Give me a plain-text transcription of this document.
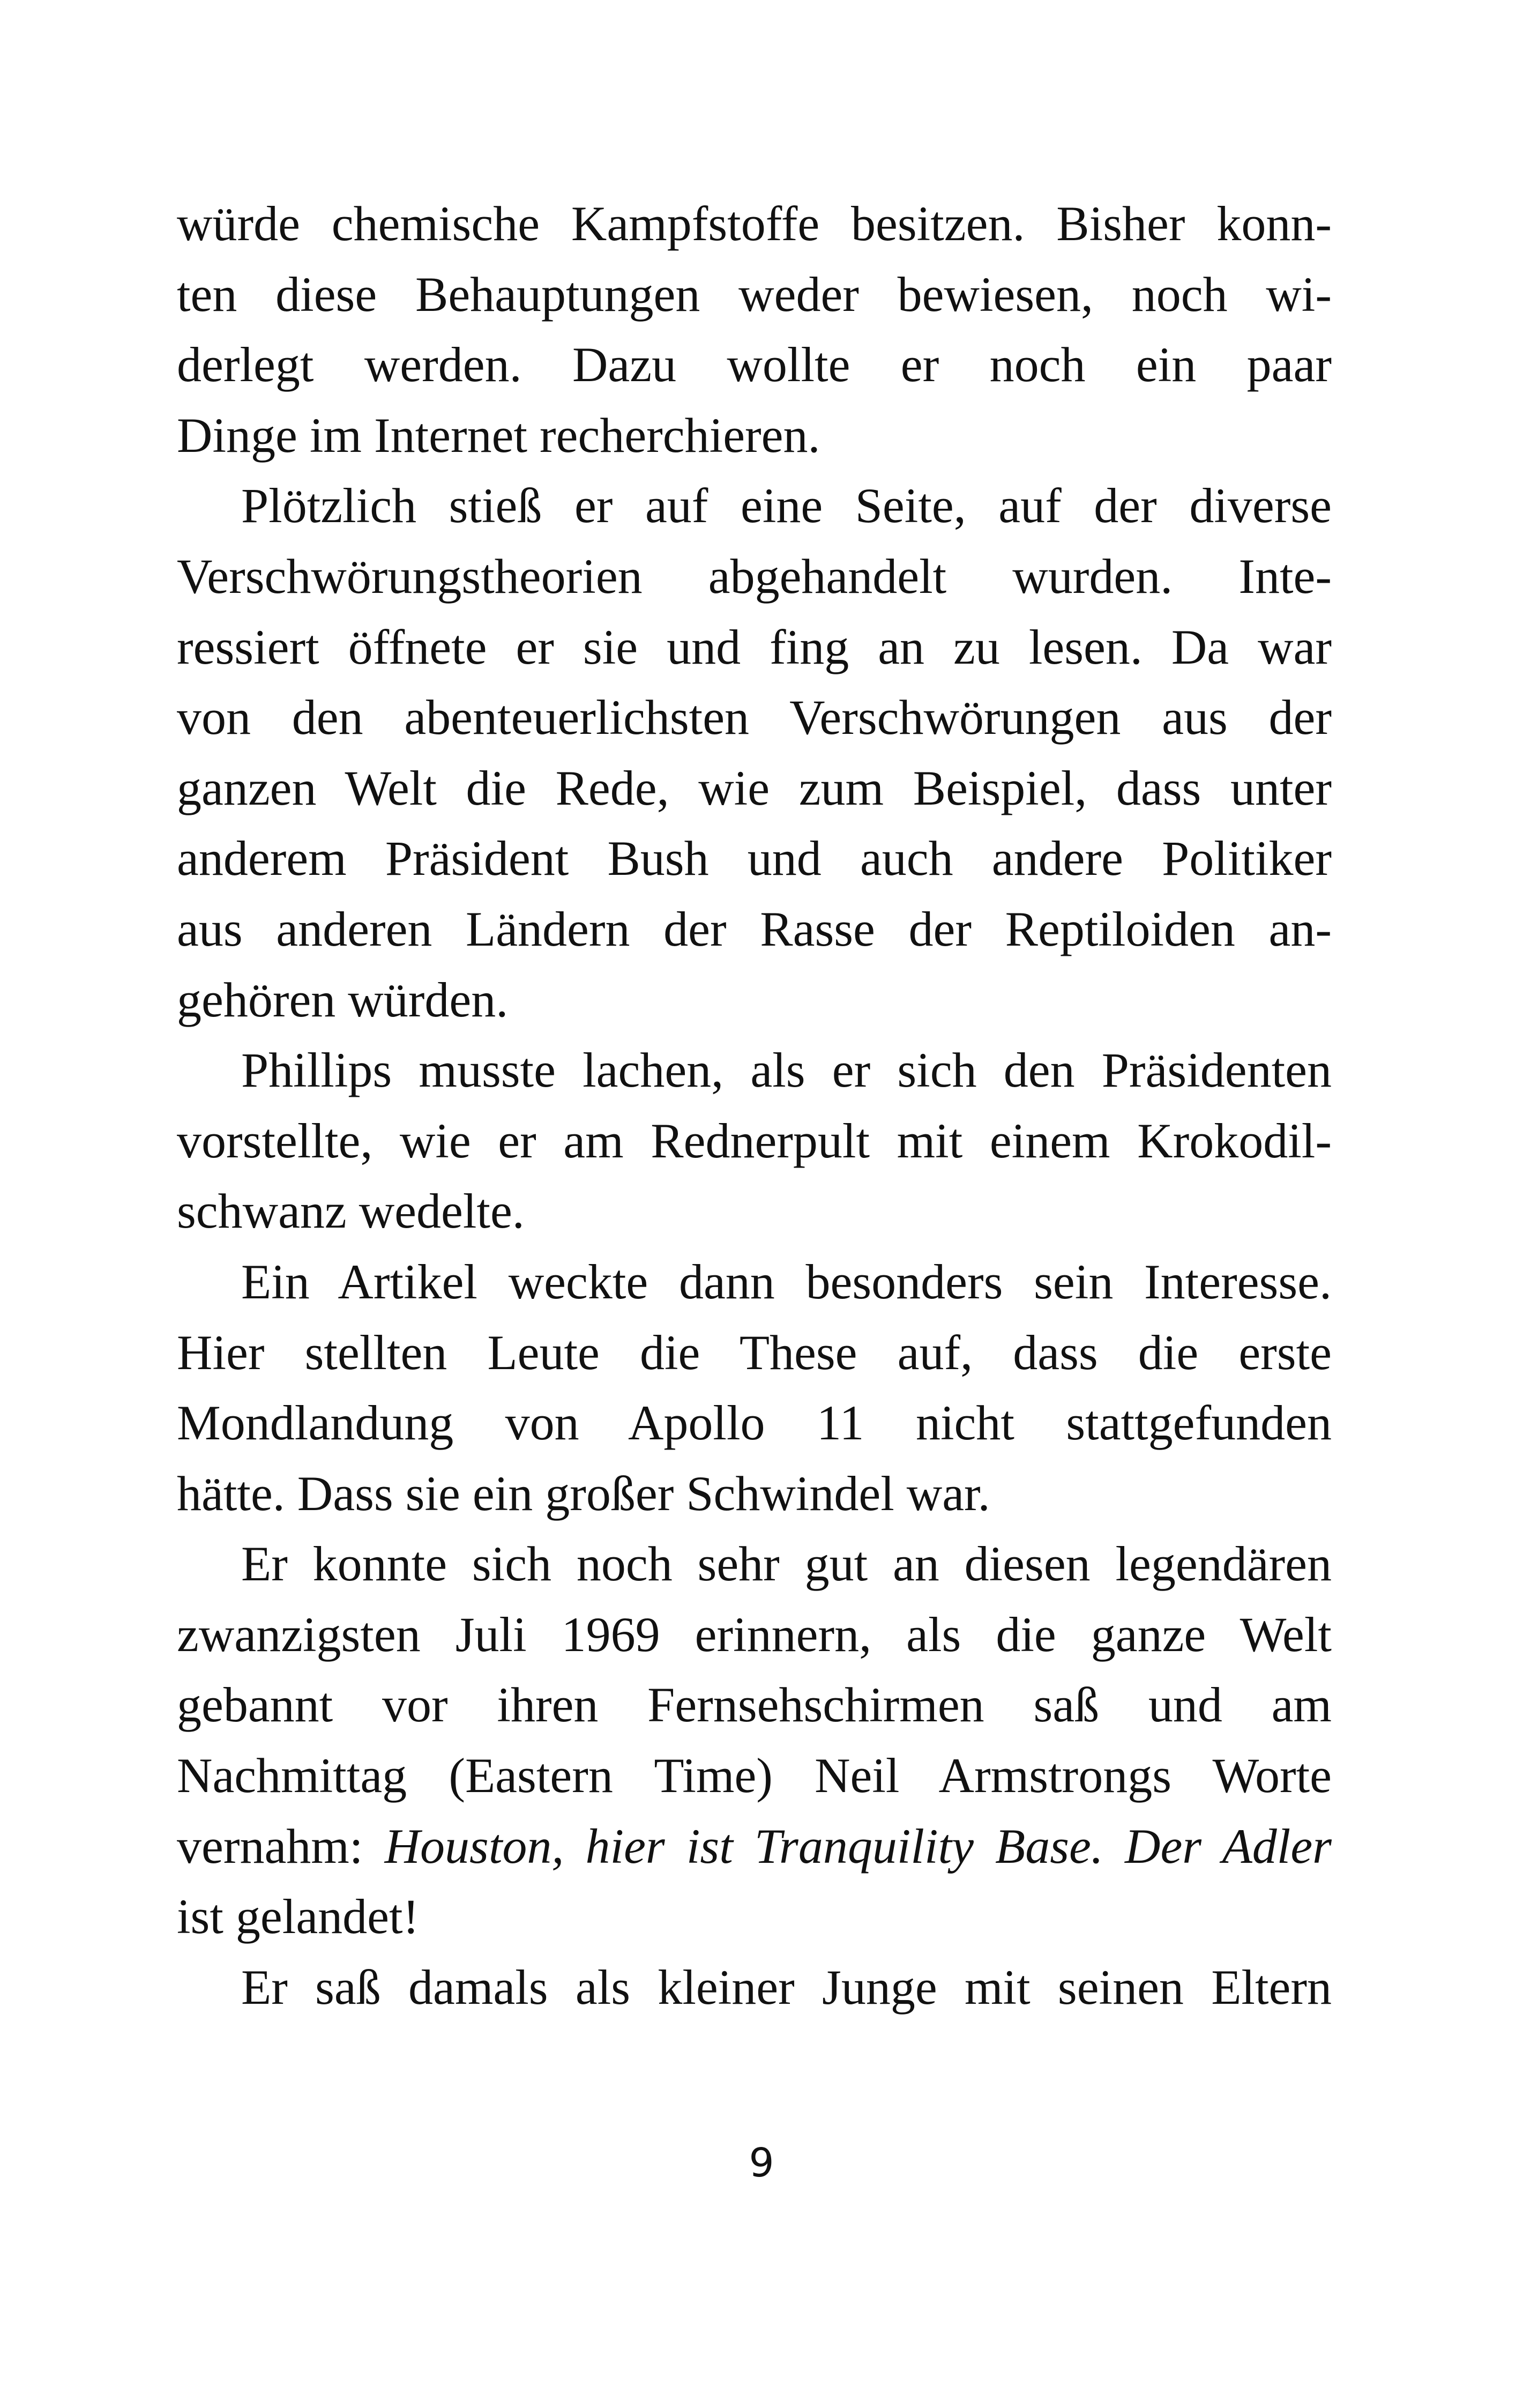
würde chemische Kampfstoffe besitzen. Bisher konn-
ten diese Behauptungen weder bewiesen, noch wi-
derlegt werden. Dazu wollte er noch ein paar
Dinge im Internet recherchieren.
Plötzlich stieß er auf eine Seite, auf der diverse
Verschwörungstheorien abgehandelt wurden. Inte-
ressiert öffnete er sie und fing an zu lesen. Da war
von den abenteuerlichsten Verschwörungen aus der
ganzen Welt die Rede, wie zum Beispiel, dass unter
anderem Präsident Bush und auch andere Politiker
aus anderen Ländern der Rasse der Reptiloiden an-
gehören würden.
Phillips musste lachen, als er sich den Präsidenten
vorstellte, wie er am Rednerpult mit einem Krokodil-
schwanz wedelte.
Ein Artikel weckte dann besonders sein Interesse.
Hier stellten Leute die These auf, dass die erste
Mondlandung von Apollo 11 nicht stattgefunden
hätte. Dass sie ein großer Schwindel war.
Er konnte sich noch sehr gut an diesen legendären
zwanzigsten Juli 1969 erinnern, als die ganze Welt
gebannt vor ihren Fernsehschirmen saß und am
Nachmittag (Eastern Time) Neil Armstrongs Worte
vernahm: Houston, hier ist Tranquility Base. Der Adler
ist gelandet!
Er saß damals als kleiner Junge mit seinen Eltern
9
